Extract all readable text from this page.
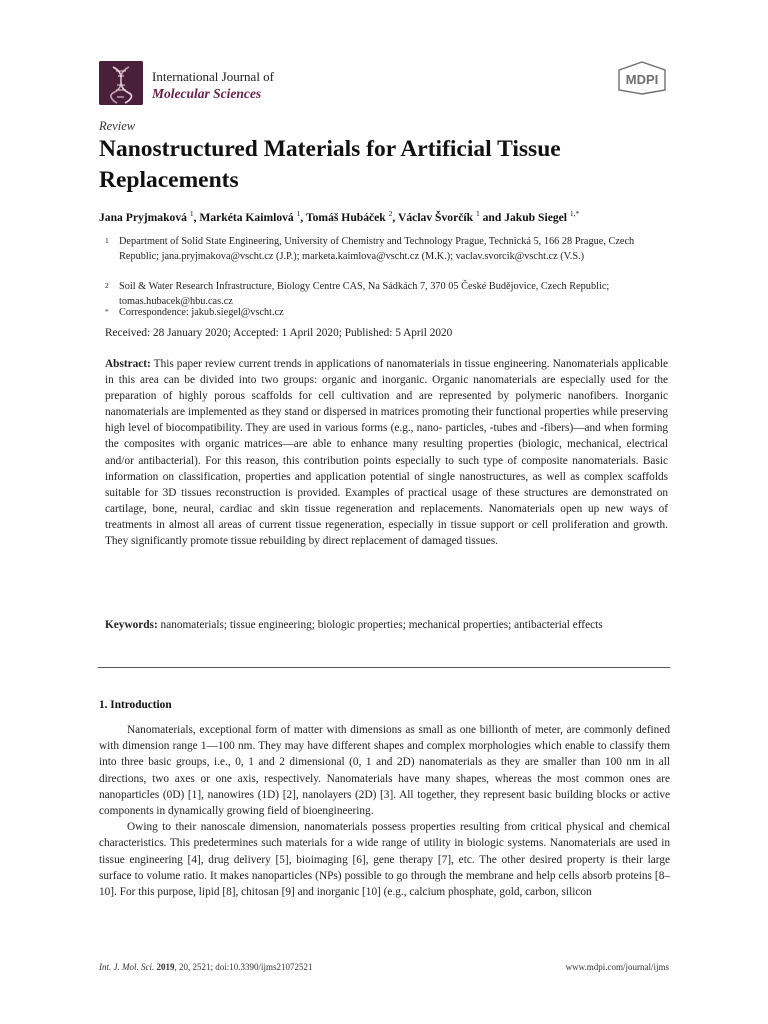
International Journal of
Molecular Sciences
MDPI
Review
Nanostructured Materials for Artificial Tissue Replacements
Jana Pryjmaková $^1$, Markéta Kaimlová $^1$, Tomáš Hubáček $^2$, Václav Švorčík $^1$ and Jakub Siegel $^{1,*}$
1 Department of Solid State Engineering, University of Chemistry and Technology Prague, Technická 5, 166 28 Prague, Czech Republic; jana.pryjmakova@vscht.cz (J.P.); marketa.kaimlova@vscht.cz (M.K.); vaclav.svorcik@vscht.cz (V.S.)
2 Soil & Water Research Infrastructure, Biology Centre CAS, Na Sádkách 7, 370 05 České Budějovice, Czech Republic; tomas.hubacek@hbu.cas.cz
* Correspondence: jakub.siegel@vscht.cz
Received: 28 January 2020; Accepted: 1 April 2020; Published: 5 April 2020
Abstract: This paper review current trends in applications of nanomaterials in tissue engineering. Nanomaterials applicable in this area can be divided into two groups: organic and inorganic. Organic nanomaterials are especially used for the preparation of highly porous scaffolds for cell cultivation and are represented by polymeric nanofibers. Inorganic nanomaterials are implemented as they stand or dispersed in matrices promoting their functional properties while preserving high level of biocompatibility. They are used in various forms (e.g., nano- particles, -tubes and -fibers)—and when forming the composites with organic matrices—are able to enhance many resulting properties (biologic, mechanical, electrical and/or antibacterial). For this reason, this contribution points especially to such type of composite nanomaterials. Basic information on classification, properties and application potential of single nanostructures, as well as complex scaffolds suitable for 3D tissues reconstruction is provided. Examples of practical usage of these structures are demonstrated on cartilage, bone, neural, cardiac and skin tissue regeneration and replacements. Nanomaterials open up new ways of treatments in almost all areas of current tissue regeneration, especially in tissue support or cell proliferation and growth. They significantly promote tissue rebuilding by direct replacement of damaged tissues.
Keywords: nanomaterials; tissue engineering; biologic properties; mechanical properties; antibacterial effects
1. Introduction

Nanomaterials, exceptional form of matter with dimensions as small as one billionth of meter, are commonly defined with dimension range 1—100 nm. They may have different shapes and complex morphologies which enable to classify them into three basic groups, i.e., 0, 1 and 2 dimensional (0, 1 and 2D) nanomaterials as they are smaller than 100 nm in all directions, two axes or one axis, respectively. Nanomaterials have many shapes, whereas the most common ones are nanoparticles (0D) [1], nanowires (1D) [2], nanolayers (2D) [3]. All together, they represent basic building blocks or active components in dynamically growing field of bioengineering.

Owing to their nanoscale dimension, nanomaterials possess properties resulting from critical physical and chemical characteristics. This predetermines such materials for a wide range of utility in biologic systems. Nanomaterials are used in tissue engineering [4], drug delivery [5], bioimaging [6], gene therapy [7], etc. The other desired property is their large surface to volume ratio. It makes nanoparticles (NPs) possible to go through the membrane and help cells absorb proteins [8–10]. For this purpose, lipid [8], chitosan [9] and inorganic [10] (e.g., calcium phosphate, gold, carbon, silicon

Int. J. Mol. Sci. 2019, 20, 2521; doi:10.3390/ijms21072521	www.mdpi.com/journal/ijms
